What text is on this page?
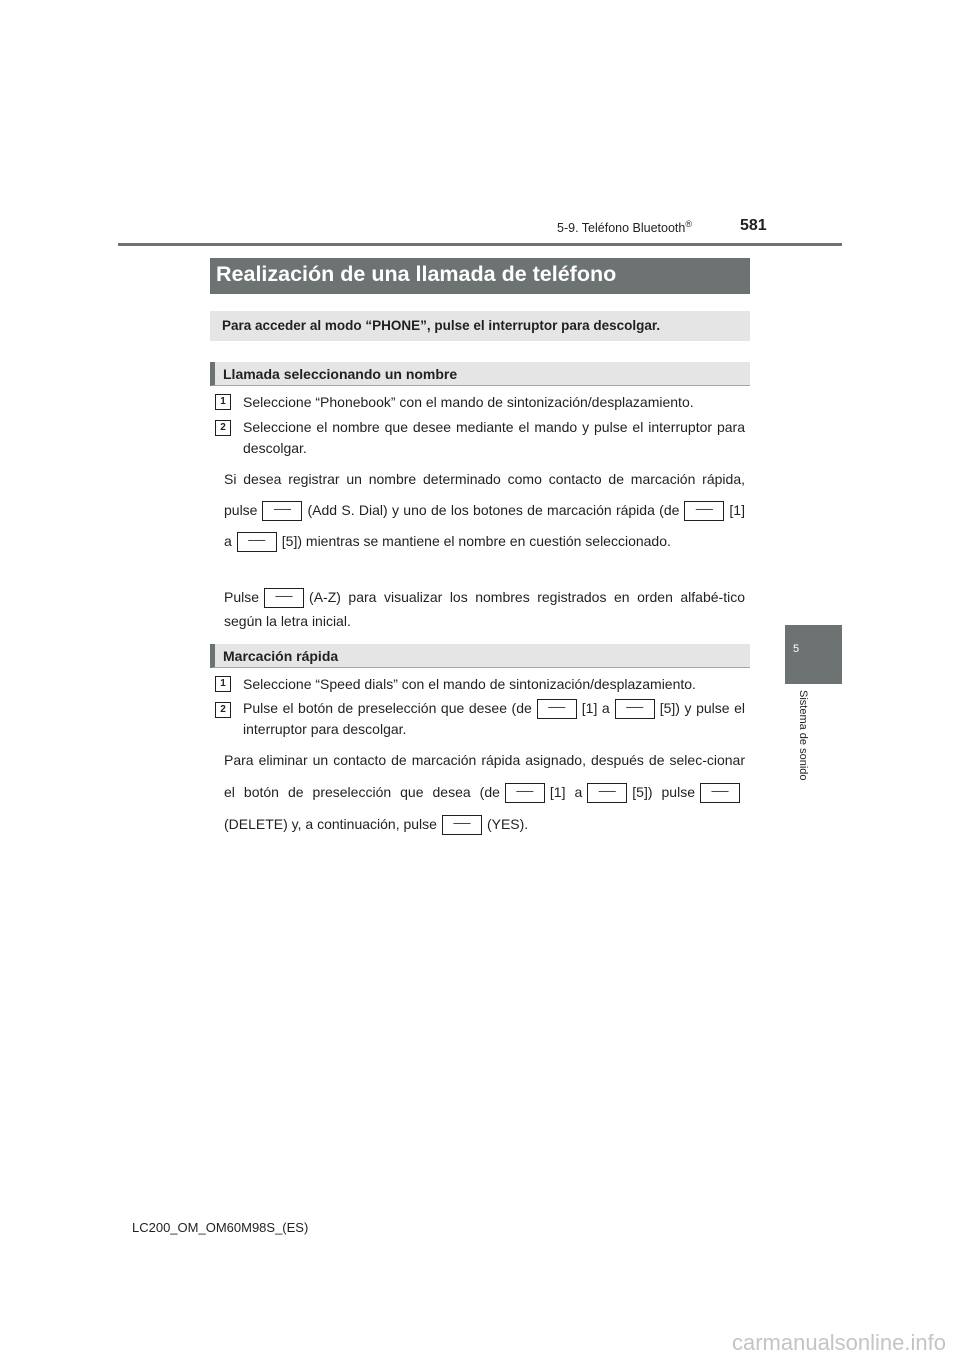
5-9. Teléfono Bluetooth®	581
5
Sistema de sonido
Realización de una llamada de teléfono
Para acceder al modo “PHONE”, pulse el interruptor para descolgar.
Llamada seleccionando un nombre
1	Seleccione “Phonebook” con el mando de sintonización/desplazamiento.
2	Seleccione el nombre que desee mediante el mando y pulse el interruptor para descolgar.
Si desea registrar un nombre determinado como contacto de marcación rápida, pulse ── (Add S. Dial) y uno de los botones de marcación rápida (de ── [1] a ── [5]) mientras se mantiene el nombre en cuestión seleccionado.
Pulse ── (A-Z) para visualizar los nombres registrados en orden alfabé-tico según la letra inicial.
Marcación rápida
1	Seleccione “Speed dials” con el mando de sintonización/desplazamiento.
2	Pulse el botón de preselección que desee (de ── [1] a ── [5]) y pulse el interruptor para descolgar.
Para eliminar un contacto de marcación rápida asignado, después de selec-cionar el botón de preselección que desea (de ── [1] a ── [5]) pulse ──(DELETE) y, a continuación, pulse ── (YES).
LC200_OM_OM60M98S_(ES)
carmanualsonline.info
